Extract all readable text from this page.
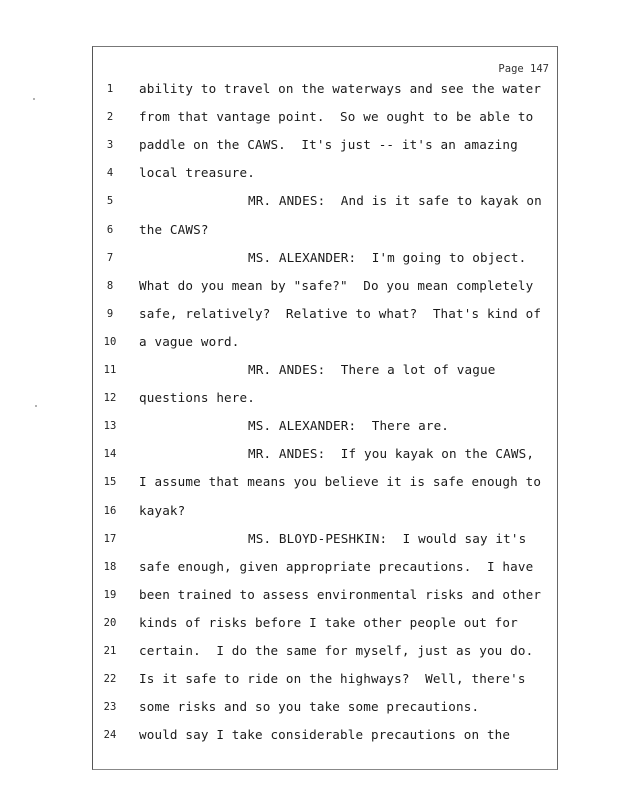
Page 147
1	ability to travel on the waterways and see the water
2	from that vantage point.  So we ought to be able to
3	paddle on the CAWS.  It's just -- it's an amazing
4	local treasure.
5	MR. ANDES:  And is it safe to kayak on
6	the CAWS?
7	MS. ALEXANDER:  I'm going to object.
8	What do you mean by "safe?"  Do you mean completely
9	safe, relatively?  Relative to what?  That's kind of
10	a vague word.
11	MR. ANDES:  There a lot of vague
12	questions here.
13	MS. ALEXANDER:  There are.
14	MR. ANDES:  If you kayak on the CAWS,
15	I assume that means you believe it is safe enough to
16	kayak?
17	MS. BLOYD-PESHKIN:  I would say it's
18	safe enough, given appropriate precautions.  I have
19	been trained to assess environmental risks and other
20	kinds of risks before I take other people out for
21	certain.  I do the same for myself, just as you do.
22	Is it safe to ride on the highways?  Well, there's
23	some risks and so you take some precautions.
24	would say I take considerable precautions on the
